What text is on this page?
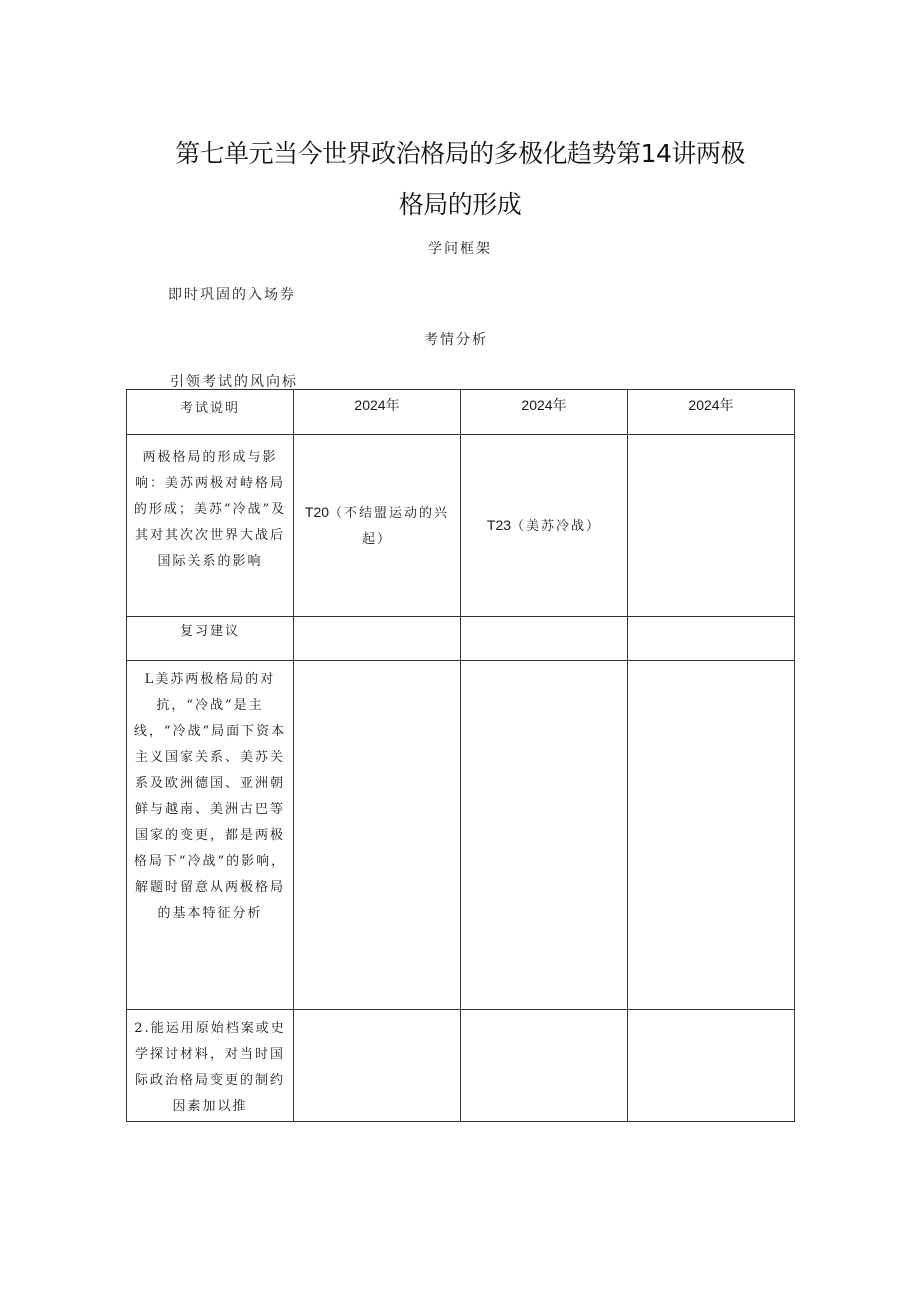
第七单元当今世界政治格局的多极化趋势第14讲两极
格局的形成
学问框架
即时巩固的入场券
考情分析
引领考试的风向标
考试说明	2024年	2024年	2024年
两极格局的形成与影响：美苏两极对峙格局的形成；美苏“冷战”及其对其次次世界大战后国际关系的影响	T20（不结盟运动的兴起）	T23（美苏冷战）	
复习建议			
L美苏两极格局的对抗，“冷战”是主线，“冷战”局面下资本主义国家关系、美苏关系及欧洲德国、亚洲朝鲜与越南、美洲古巴等国家的变更，都是两极格局下“冷战”的影响，解题时留意从两极格局的基本特征分析			
2.能运用原始档案或史学探讨材料，对当时国际政治格局变更的制约因素加以推			
